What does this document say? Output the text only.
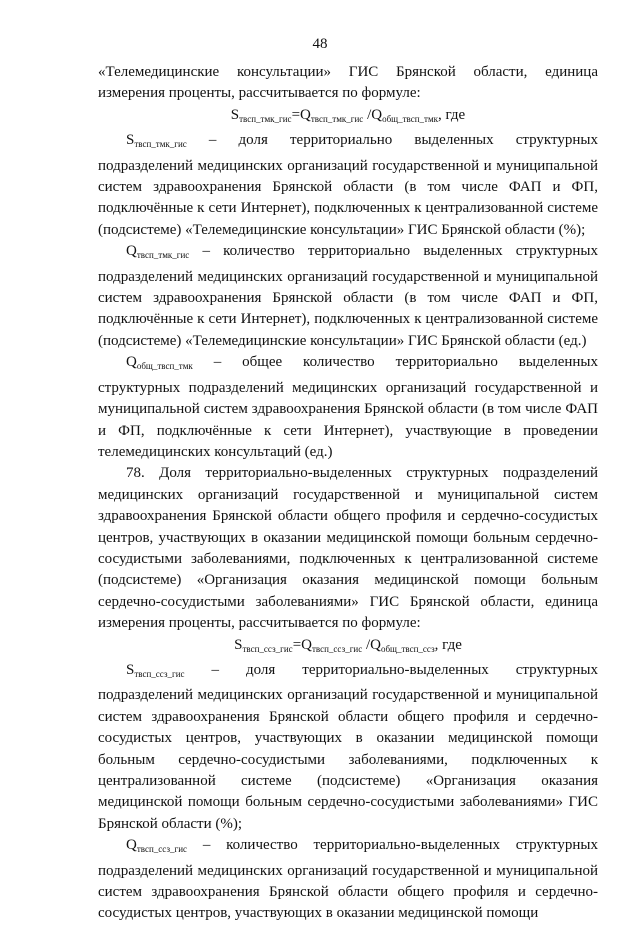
48

«Телемедицинские консультации» ГИС Брянской области, единица измерения проценты, рассчитывается по формуле:

$S_{твсп\_тмк\_гис}=Q_{твсп\_тмк\_гис}$ $/Q_{общ\_твсп\_тмк}$, где

$S_{твсп\_тмк\_гис}$ – доля территориально выделенных структурных подразделений медицинских организаций государственной и муниципальной систем здравоохранения Брянской области (в том числе ФАП и ФП, подключённые к сети Интернет), подключенных к централизованной системе (подсистеме) «Телемедицинские консультации» ГИС Брянской области (%);

$Q_{твсп\_тмк\_гис}$ – количество территориально выделенных структурных подразделений медицинских организаций государственной и муниципальной систем здравоохранения Брянской области (в том числе ФАП и ФП, подключённые к сети Интернет), подключенных к централизованной системе (подсистеме) «Телемедицинские консультации» ГИС Брянской области (ед.)

$Q_{общ\_твсп\_тмк}$ – общее количество территориально выделенных структурных подразделений медицинских организаций государственной и муниципальной систем здравоохранения Брянской области (в том числе ФАП и ФП, подключённые к сети Интернет), участвующие в проведении телемедицинских консультаций (ед.)

78. Доля территориально-выделенных структурных подразделений медицинских организаций государственной и муниципальной систем здравоохранения Брянской области общего профиля и сердечно-сосудистых центров, участвующих в оказании медицинской помощи больным сердечно-сосудистыми заболеваниями, подключенных к централизованной системе (подсистеме) «Организация оказания медицинской помощи больным сердечно-сосудистыми заболеваниями» ГИС Брянской области, единица измерения проценты, рассчитывается по формуле:

$S_{твсп\_ссз\_гис}=Q_{твсп\_ссз\_гис}$ $/Q_{общ\_твсп\_ссз}$, где

$S_{твсп\_ссз\_гис}$ – доля территориально-выделенных структурных подразделений медицинских организаций государственной и муниципальной систем здравоохранения Брянской области общего профиля и сердечно-сосудистых центров, участвующих в оказании медицинской помощи больным сердечно-сосудистыми заболеваниями, подключенных к централизованной системе (подсистеме) «Организация оказания медицинской помощи больным сердечно-сосудистыми заболеваниями» ГИС Брянской области (%);

$Q_{твсп\_ссз\_гис}$ – количество территориально-выделенных структурных подразделений медицинских организаций государственной и муниципальной систем здравоохранения Брянской области общего профиля и сердечно-сосудистых центров, участвующих в оказании медицинской помощи
